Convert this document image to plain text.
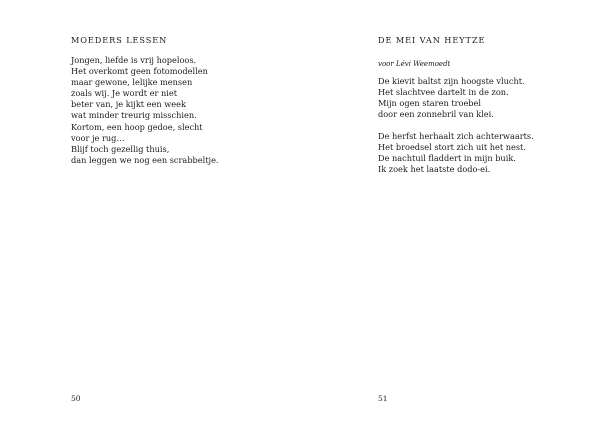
MOEDERS LESSEN
Jongen, liefde is vrij hopeloos.
Het overkomt geen fotomodellen
maar gewone, lelijke mensen
zoals wij. Je wordt er niet
beter van, je kijkt een week
wat minder treurig misschien.
Kortom, een hoop gedoe, slecht
voor je rug…
Blijf toch gezellig thuis,
dan leggen we nog een scrabbeltje.

50

DE MEI VAN HEYTZE

voor Lévi Weemoedt

De kievit baltst zijn hoogste vlucht.
Het slachtvee dartelt in de zon.
Mijn ogen staren troebel
door een zonnebril van klei.
De herfst herhaalt zich achterwaarts.
Het broedsel stort zich uit het nest.
De nachtuil fladdert in mijn buik.
Ik zoek het laatste dodo-ei.

51
